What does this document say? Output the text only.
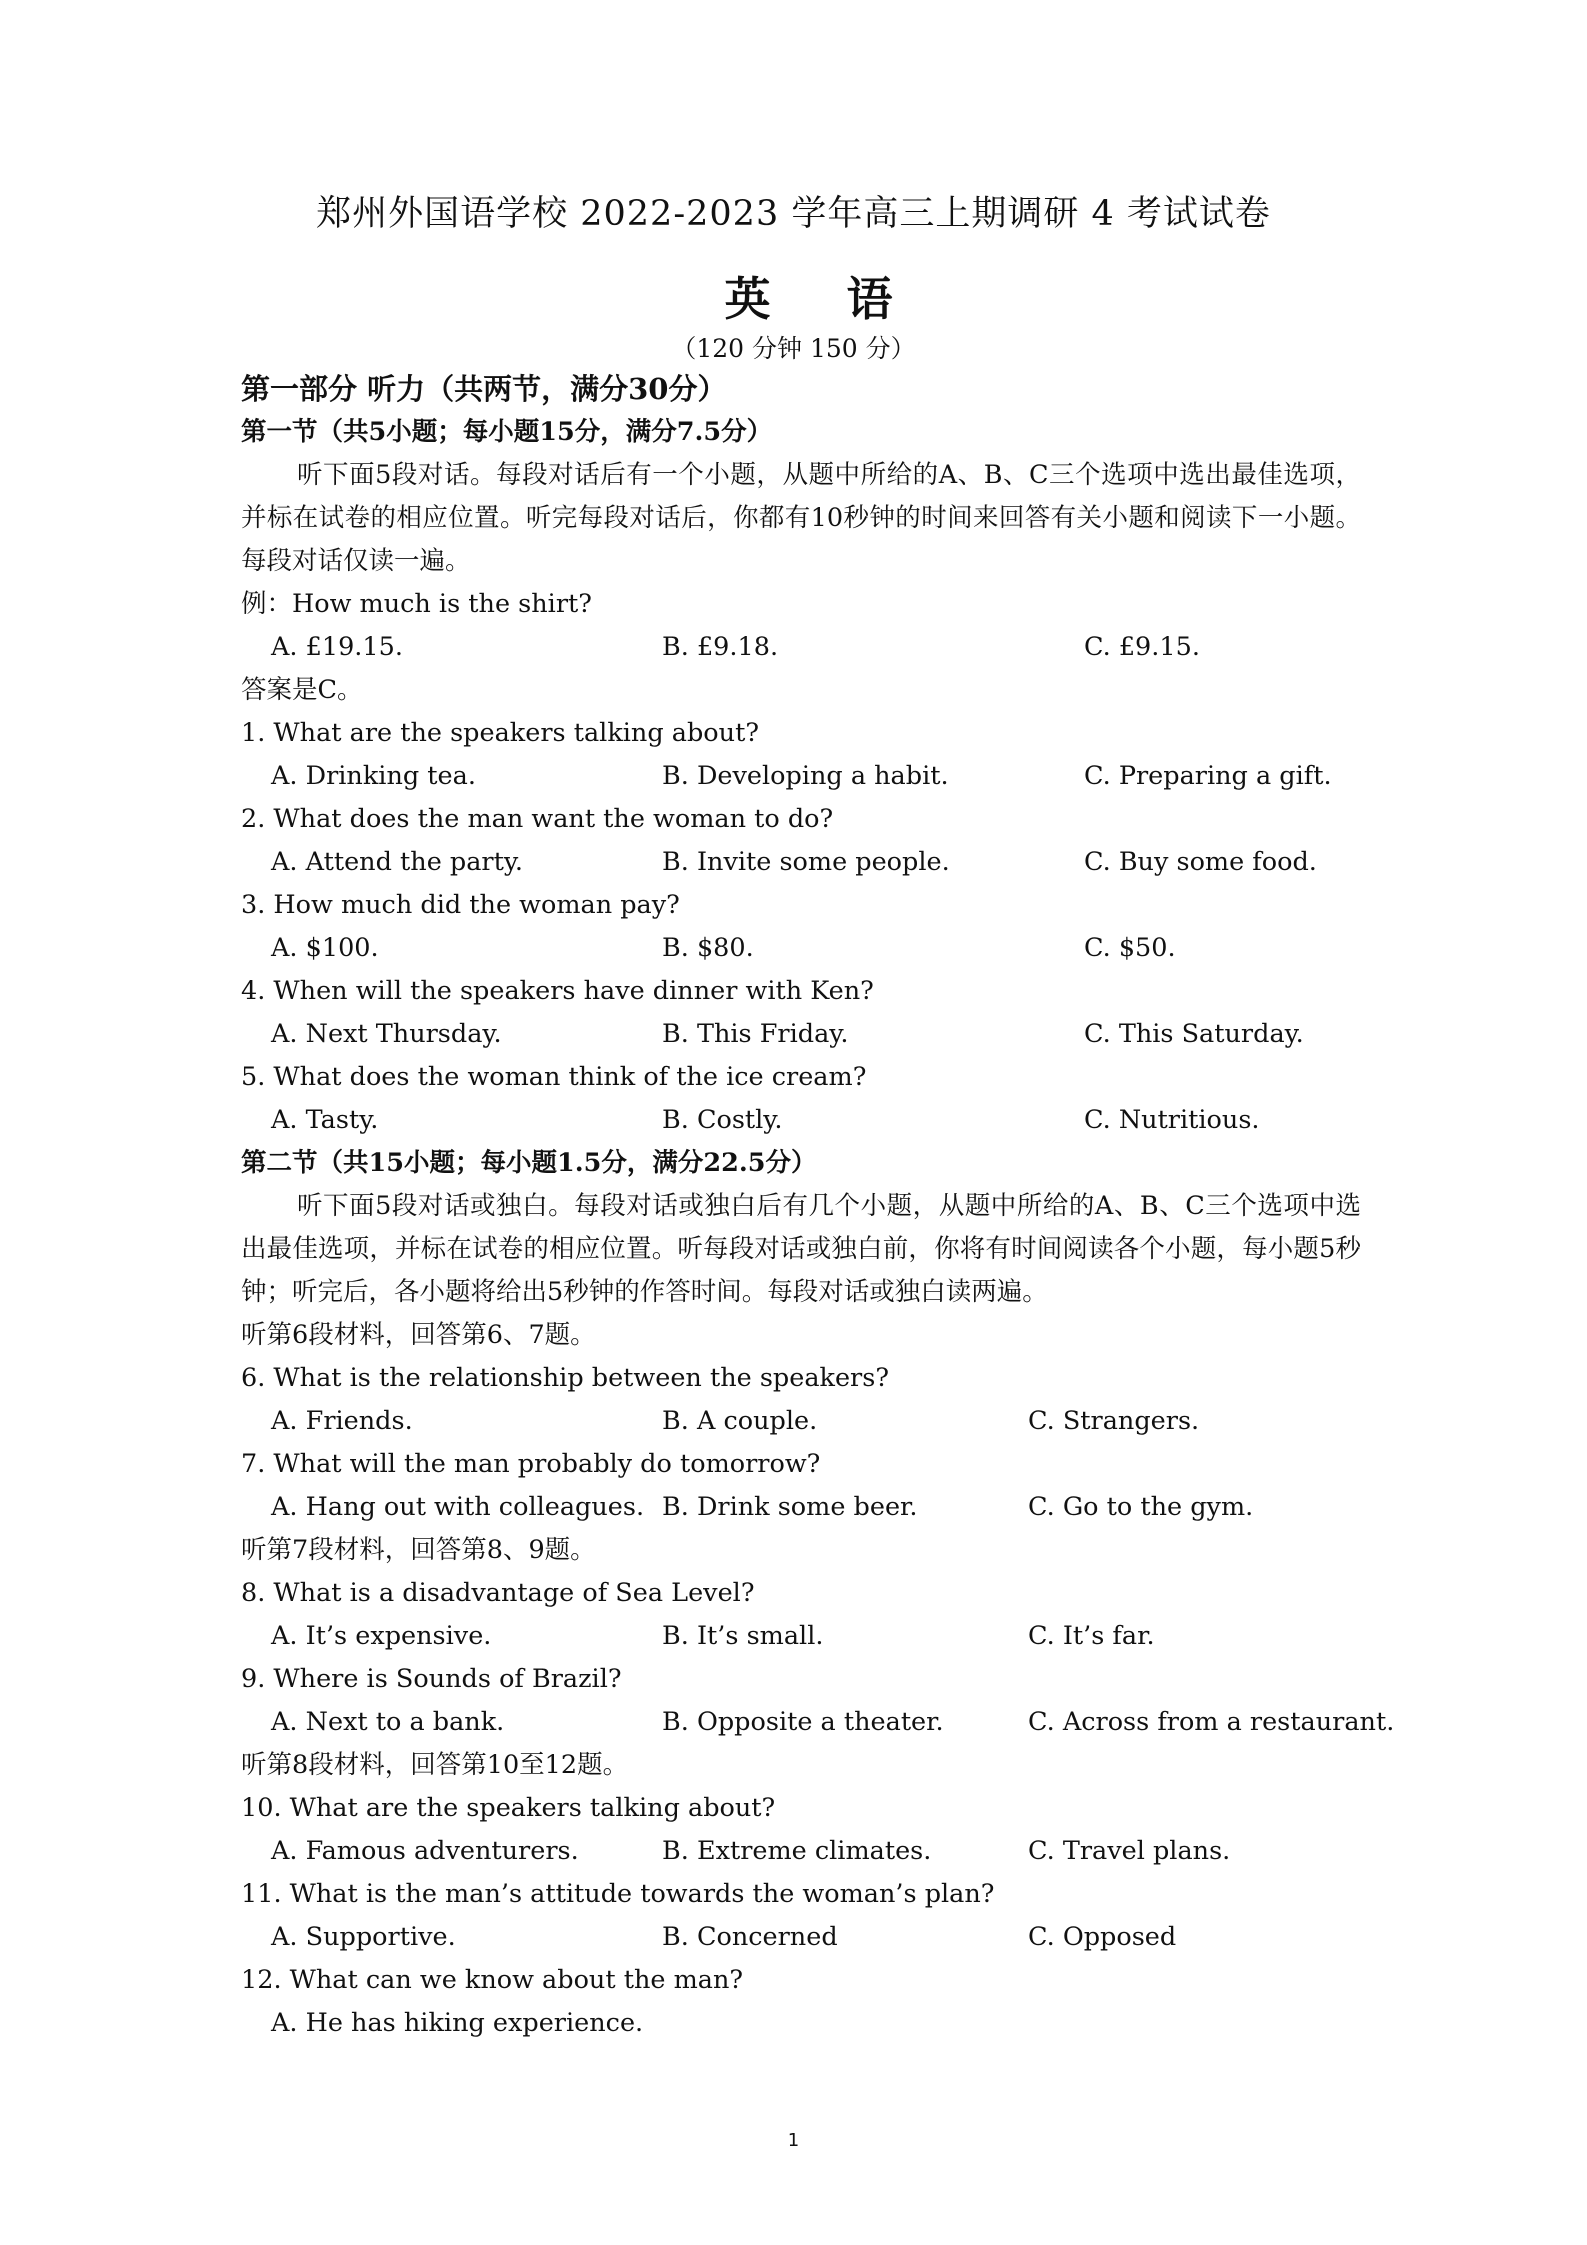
郑州外国语学校 2022-2023 学年高三上期调研 4 考试试卷
英 语
（120 分钟 150 分）
第一部分 听力（共两节，满分30分）
第一节（共5小题；每小题15分，满分7.5分）
听下面5段对话。每段对话后有一个小题，从题中所给的A、B、C三个选项中选出最佳选项，并标在试卷的相应位置。听完每段对话后，你都有10秒钟的时间来回答有关小题和阅读下一小题。每段对话仅读一遍。
例：How much is the shirt?
A. £19.15.	B. £9.18.	C. £9.15.
答案是C。
1. What are the speakers talking about?
A. Drinking tea.	B. Developing a habit.	C. Preparing a gift.
2. What does the man want the woman to do?
A. Attend the party.	B. Invite some people.	C. Buy some food.
3. How much did the woman pay?
A. $100.	B. $80.	C. $50.
4. When will the speakers have dinner with Ken?
A. Next Thursday.	B. This Friday.	C. This Saturday.
5. What does the woman think of the ice cream?
A. Tasty.	B. Costly.	C. Nutritious.
第二节（共15小题；每小题1.5分，满分22.5分）
听下面5段对话或独白。每段对话或独白后有几个小题，从题中所给的A、B、C三个选项中选出最佳选项，并标在试卷的相应位置。听每段对话或独白前，你将有时间阅读各个小题，每小题5秒钟；听完后，各小题将给出5秒钟的作答时间。每段对话或独白读两遍。
听第6段材料，回答第6、7题。
6. What is the relationship between the speakers?
A. Friends.	B. A couple.	C. Strangers.
7. What will the man probably do tomorrow?
A. Hang out with colleagues. B. Drink some beer.	C. Go to the gym.
听第7段材料，回答第8、9题。
8. What is a disadvantage of Sea Level?
A. It’s expensive.	B. It’s small.	C. It’s far.
9. Where is Sounds of Brazil?
A. Next to a bank.	B. Opposite a theater.	C. Across from a restaurant.
听第8段材料，回答第10至12题。
10. What are the speakers talking about?
A. Famous adventurers.	B. Extreme climates.	C. Travel plans.
11. What is the man’s attitude towards the woman’s plan?
A. Supportive.	B. Concerned	C. Opposed
12. What can we know about the man?
A. He has hiking experience.
1
